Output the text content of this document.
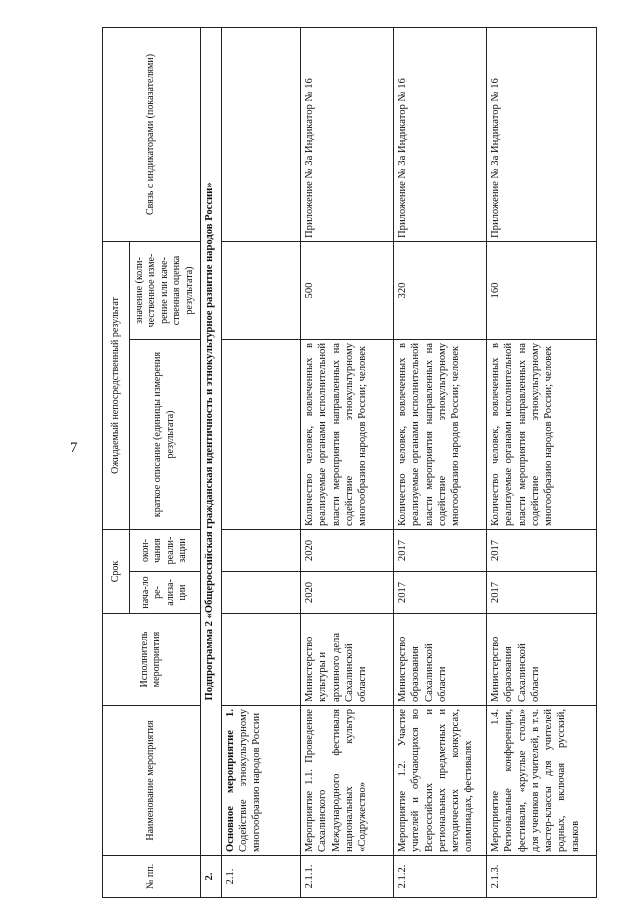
7
№ пп.	Наименование мероприятия	Исполнитель мероприятия	Срок		Ожидаемый непосредственный результат		Связь с индикаторами (показателями)
			нача-ло ре-ализа-ции	окон-чания реали-зации	краткое описание (единицы измерения результата)	значение (коли-чественное изме-рение или каче-ственная оценка результата)	

2.	Подпрограмма 2 «Общероссийская гражданская идентичность и этнокультурное развитие народов России»						
2.1.	Основное мероприятие 1. Содействие этнокультурному многообразию народов России						
2.1.1.	Мероприятие 1.1. Проведение Сахалинского Международного фестиваля национальных культур «Содружество»	Министерство культуры и архивного дела Сахалинской области	2020	2020	Количество человек, вовлеченных в реализуемые органами исполнительной власти мероприятия направленных на содействие этнокультурному многообразию народов России; человек	500	Приложение № 3а Индикатор № 16
2.1.2.	Мероприятие 1.2. Участие учителей и обучающихся во Всероссийских и региональных предметных и методических конкурсах, олимпиадах, фестивалях	Министерство образования Сахалинской области	2017	2017	Количество человек, вовлеченных в реализуемые органами исполнительной власти мероприятия направленных на содействие этнокультурному многообразию народов России; человек	320	Приложение № 3а Индикатор № 16
2.1.3.	Мероприятие 1.4. Региональные конференции, фестивали, «круглые столы» для учеников и учителей, в т.ч. мастер-классы для учителей родных, включая русский, языков	Министерство образования Сахалинской области	2017	2017	Количество человек, вовлеченных в реализуемые органами исполнительной власти мероприятия направленных на содействие этнокультурному многообразию народов России; человек	160	Приложение № 3а Индикатор № 16
